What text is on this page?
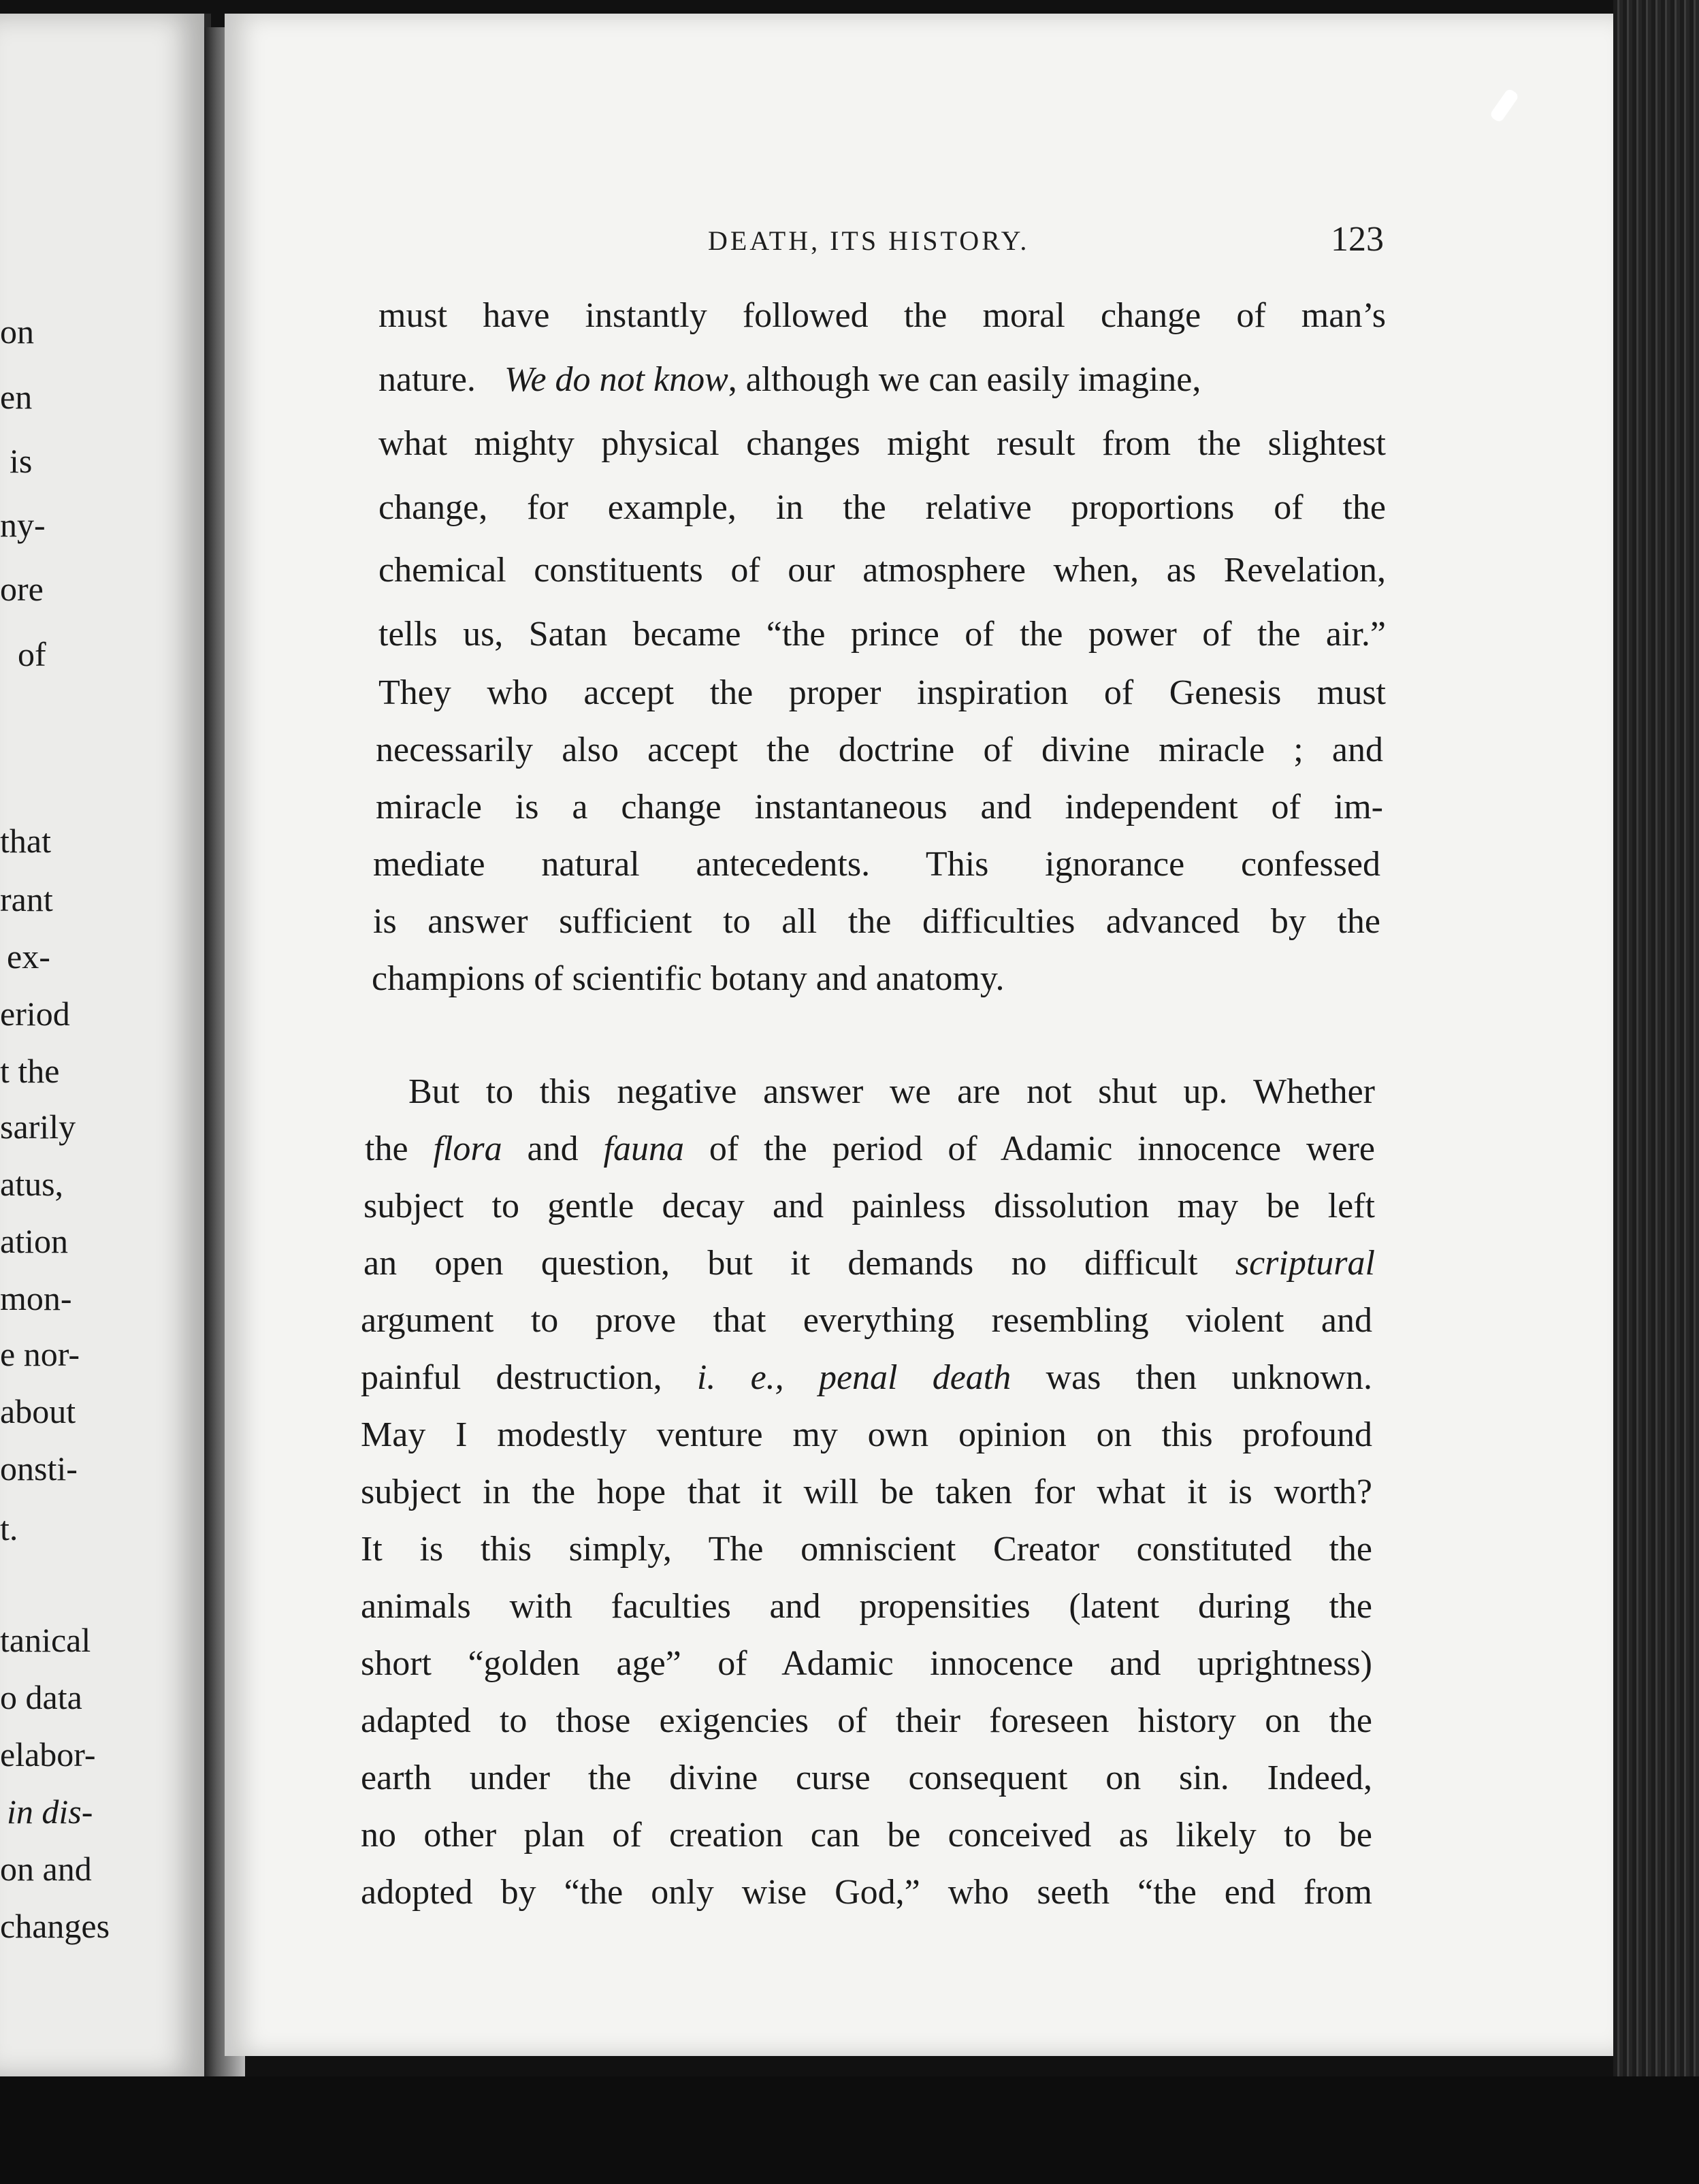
on
en
is
ny-
ore
of
that
rant
ex-
eriod
t the
sarily
atus,
ation
mon-
e nor-
about
onsti-
t.
tanical
o data
elabor-
in dis-
on and
changes
DEATH, ITS HISTORY.	123
must have instantly followed the moral change of man’s
nature. We do not know, although we can easily imagine,
what mighty physical changes might result from the slightest
change, for example, in the relative proportions of the
chemical constituents of our atmosphere when, as Revelation,
tells us, Satan became “the prince of the power of the air.”
They who accept the proper inspiration of Genesis must
necessarily also accept the doctrine of divine miracle ; and
miracle is a change instantaneous and independent of im-
mediate natural antecedents. This ignorance confessed
is answer sufficient to all the difficulties advanced by the
champions of scientific botany and anatomy.
But to this negative answer we are not shut up. Whether
the flora and fauna of the period of Adamic innocence were
subject to gentle decay and painless dissolution may be left
an open question, but it demands no difficult scriptural
argument to prove that everything resembling violent and
painful destruction, i. e., penal death was then unknown.
May I modestly venture my own opinion on this profound
subject in the hope that it will be taken for what it is worth?
It is this simply, The omniscient Creator constituted the
animals with faculties and propensities (latent during the
short “golden age” of Adamic innocence and uprightness)
adapted to those exigencies of their foreseen history on the
earth under the divine curse consequent on sin. Indeed,
no other plan of creation can be conceived as likely to be
adopted by “the only wise God,” who seeth “the end from
